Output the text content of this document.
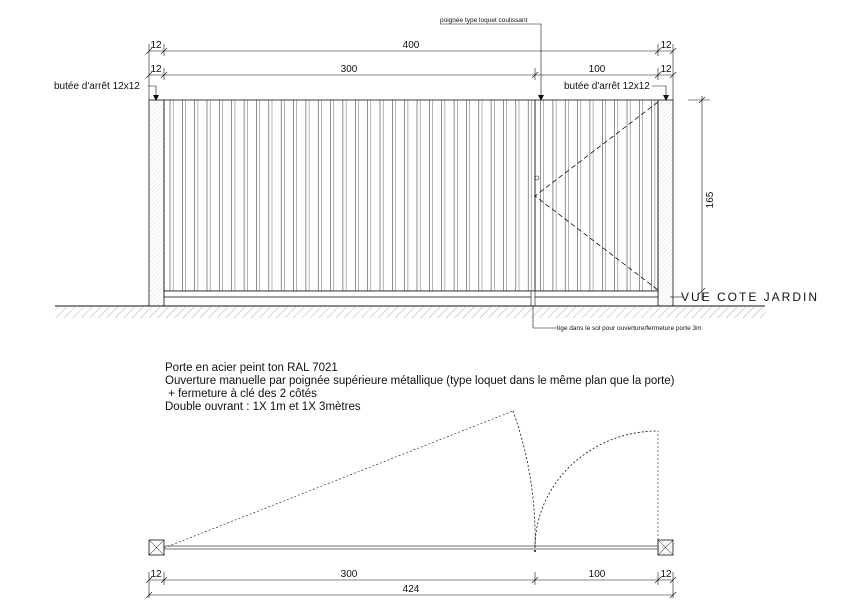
12	400	12
12	300	100	12
butée d'arrêt 12x12	butée d'arrêt 12x12
poignée type loquet coulissant
165
tige dans le sol pour ouverture/fermeture porte 3m
VUE COTE JARDIN
12	300	100	12
424
Porte en acier peint ton RAL 7021
Ouverture manuelle par poignée supérieure métallique (type loquet dans le même plan que la porte)
+ fermeture à clé des 2 côtés
Double ouvrant : 1X 1m et 1X 3mètres
